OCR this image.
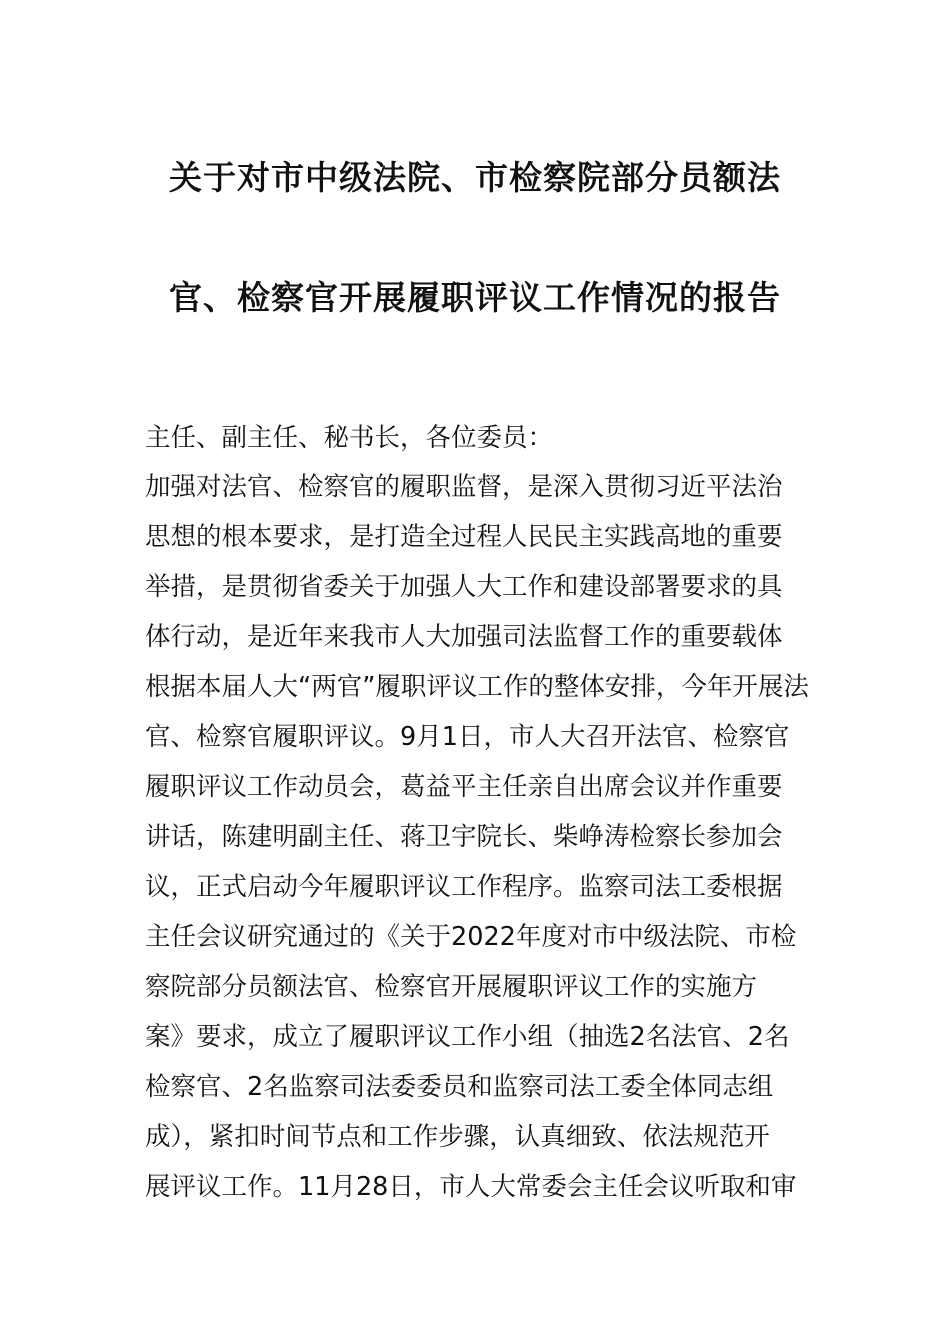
关于对市中级法院、市检察院部分员额法
官、检察官开展履职评议工作情况的报告
主任、副主任、秘书长，各位委员：
加强对法官、检察官的履职监督，是深入贯彻习近平法治
思想的根本要求，是打造全过程人民民主实践高地的重要
举措，是贯彻省委关于加强人大工作和建设部署要求的具
体行动，是近年来我市人大加强司法监督工作的重要载体
根据本届人大“两官”履职评议工作的整体安排，今年开展法
官、检察官履职评议。9月1日，市人大召开法官、检察官
履职评议工作动员会，葛益平主任亲自出席会议并作重要
讲话，陈建明副主任、蒋卫宇院长、柴峥涛检察长参加会
议，正式启动今年履职评议工作程序。监察司法工委根据
主任会议研究通过的《关于2022年度对市中级法院、市检
察院部分员额法官、检察官开展履职评议工作的实施方
案》要求，成立了履职评议工作小组（抽选2名法官、2名
检察官、2名监察司法委委员和监察司法工委全体同志组
成），紧扣时间节点和工作步骤，认真细致、依法规范开
展评议工作。11月28日，市人大常委会主任会议听取和审
